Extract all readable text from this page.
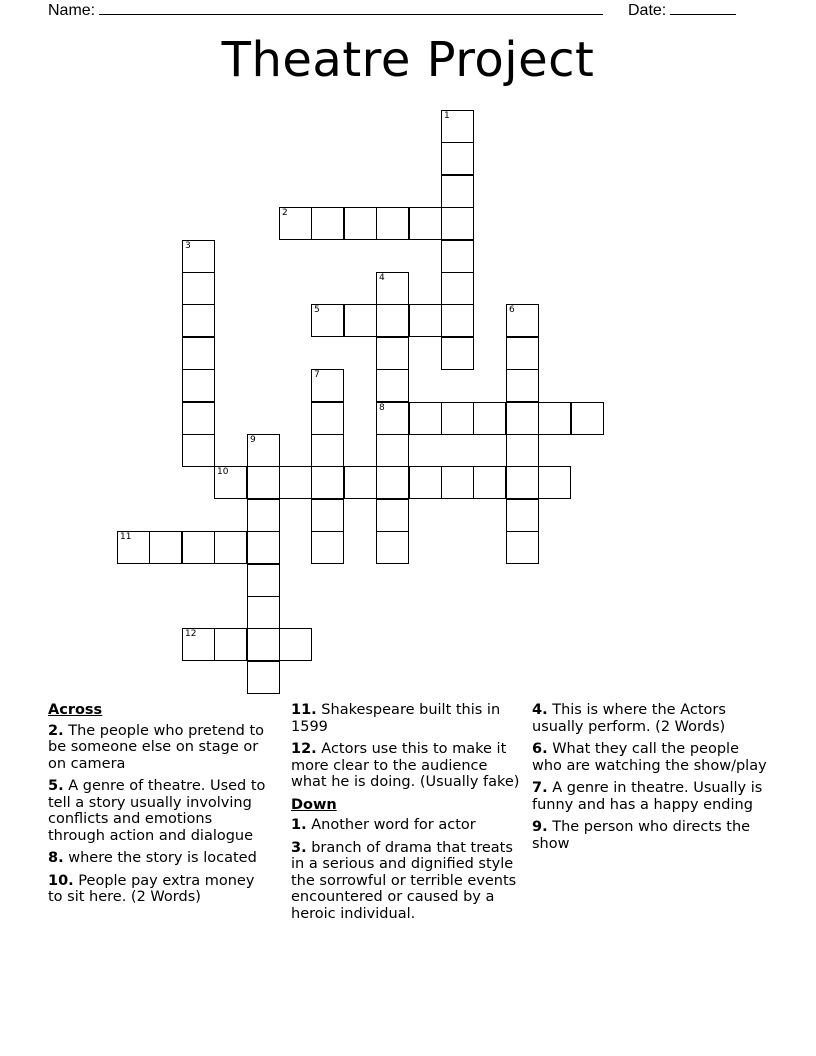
Name:	Date:
Theatre Project
1
2
3
4
8
5	6
7
9
10
11
12
Across
2. The people who pretend to be someone else on stage or on camera
5. A genre of theatre. Used to tell a story usually involving conflicts and emotions through action and dialogue
8. where the story is located
10. People pay extra money to sit here. (2 Words)
11. Shakespeare built this in 1599
12. Actors use this to make it more clear to the audience what he is doing. (Usually fake)
Down
1. Another word for actor
3. branch of drama that treats in a serious and dignified style the sorrowful or terrible events encountered or caused by a heroic individual.
4. This is where the Actors usually perform. (2 Words)
6. What they call the people who are watching the show/play
7. A genre in theatre. Usually is funny and has a happy ending
9. The person who directs the show
